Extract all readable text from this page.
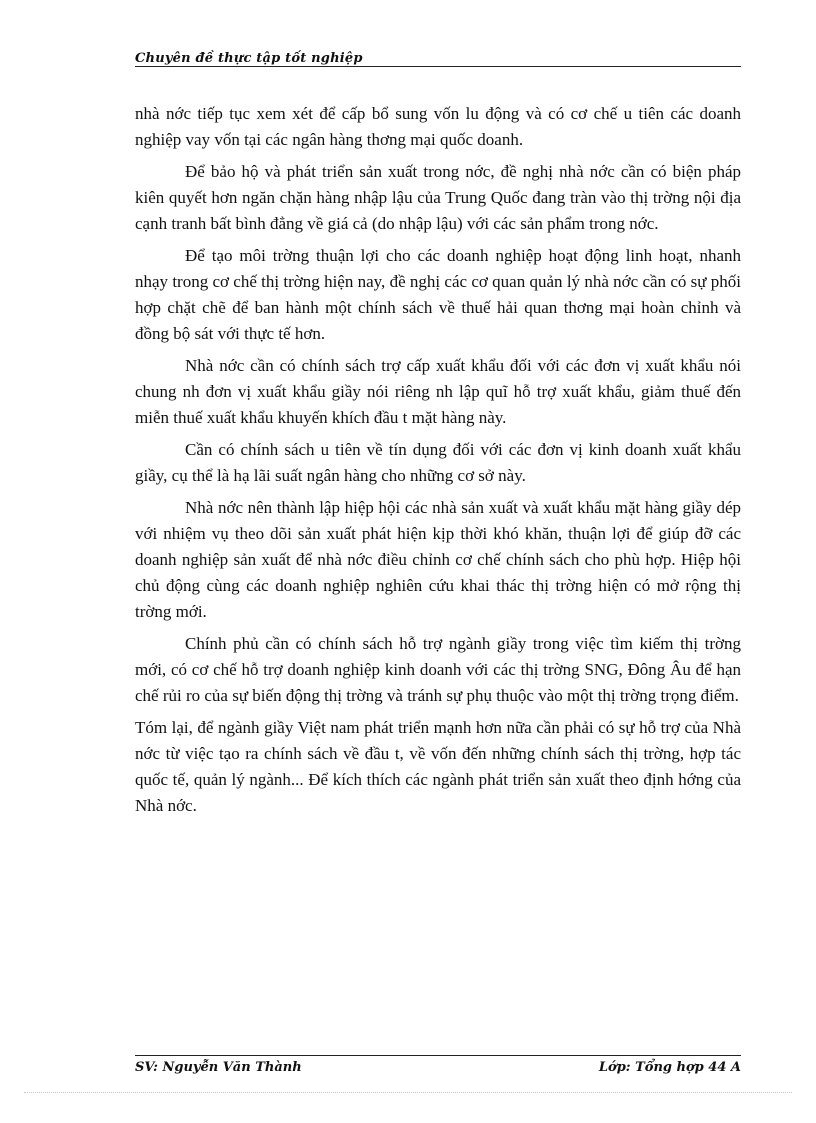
Chuyên đề thực tập tốt nghiệp

nhà nớc tiếp tục xem xét để cấp bổ sung vốn lu động và có cơ chế u tiên các doanh nghiệp vay vốn tại các ngân hàng thơng mại quốc doanh.

Để bảo hộ và phát triển sản xuất trong nớc, đề nghị nhà nớc cần có biện pháp kiên quyết hơn ngăn chặn hàng nhập lậu của Trung Quốc đang tràn vào thị trờng nội địa cạnh tranh bất bình đẳng về giá cả (do nhập lậu) với các sản phẩm trong nớc.

Để tạo môi trờng thuận lợi cho các doanh nghiệp hoạt động linh hoạt, nhanh nhạy trong cơ chế thị trờng hiện nay, đề nghị các cơ quan quản lý nhà nớc cần có sự phối hợp chặt chẽ để ban hành một chính sách về thuế hải quan thơng mại hoàn chỉnh và đồng bộ sát với thực tế hơn.

Nhà nớc cần có chính sách trợ cấp xuất khẩu đối với các đơn vị xuất khẩu nói chung nh đơn vị xuất khẩu giầy nói riêng nh lập quĩ hỗ trợ xuất khẩu, giảm thuế đến miễn thuế xuất khẩu khuyến khích đầu t mặt hàng này.

Cần có chính sách u tiên về tín dụng đối với các đơn vị kinh doanh xuất khẩu giầy, cụ thể là hạ lãi suất ngân hàng cho những cơ sở này.

Nhà nớc nên thành lập hiệp hội các nhà sản xuất và xuất khẩu mặt hàng giầy dép với nhiệm vụ theo dõi sản xuất phát hiện kịp thời khó khăn, thuận lợi để giúp đỡ các doanh nghiệp sản xuất để nhà nớc điều chỉnh cơ chế chính sách cho phù hợp. Hiệp hội chủ động cùng các doanh nghiệp nghiên cứu khai thác thị trờng hiện có mở rộng thị trờng mới.

Chính phủ cần có chính sách hỗ trợ ngành giầy trong việc tìm kiếm thị trờng mới, có cơ chế hỗ trợ doanh nghiệp kinh doanh với các thị trờng SNG, Đông Âu để hạn chế rủi ro của sự biến động thị trờng và tránh sự phụ thuộc vào một thị trờng trọng điểm.

Tóm lại, để ngành giầy Việt nam phát triển mạnh hơn nữa cần phải có sự hỗ trợ của Nhà nớc từ việc tạo ra chính sách về đầu t, về vốn đến những chính sách thị trờng, hợp tác quốc tế, quản lý ngành... Để kích thích các ngành phát triển sản xuất theo định hớng của Nhà nớc.

SV: Nguyễn Văn Thành	Lớp: Tổng hợp 44 A
